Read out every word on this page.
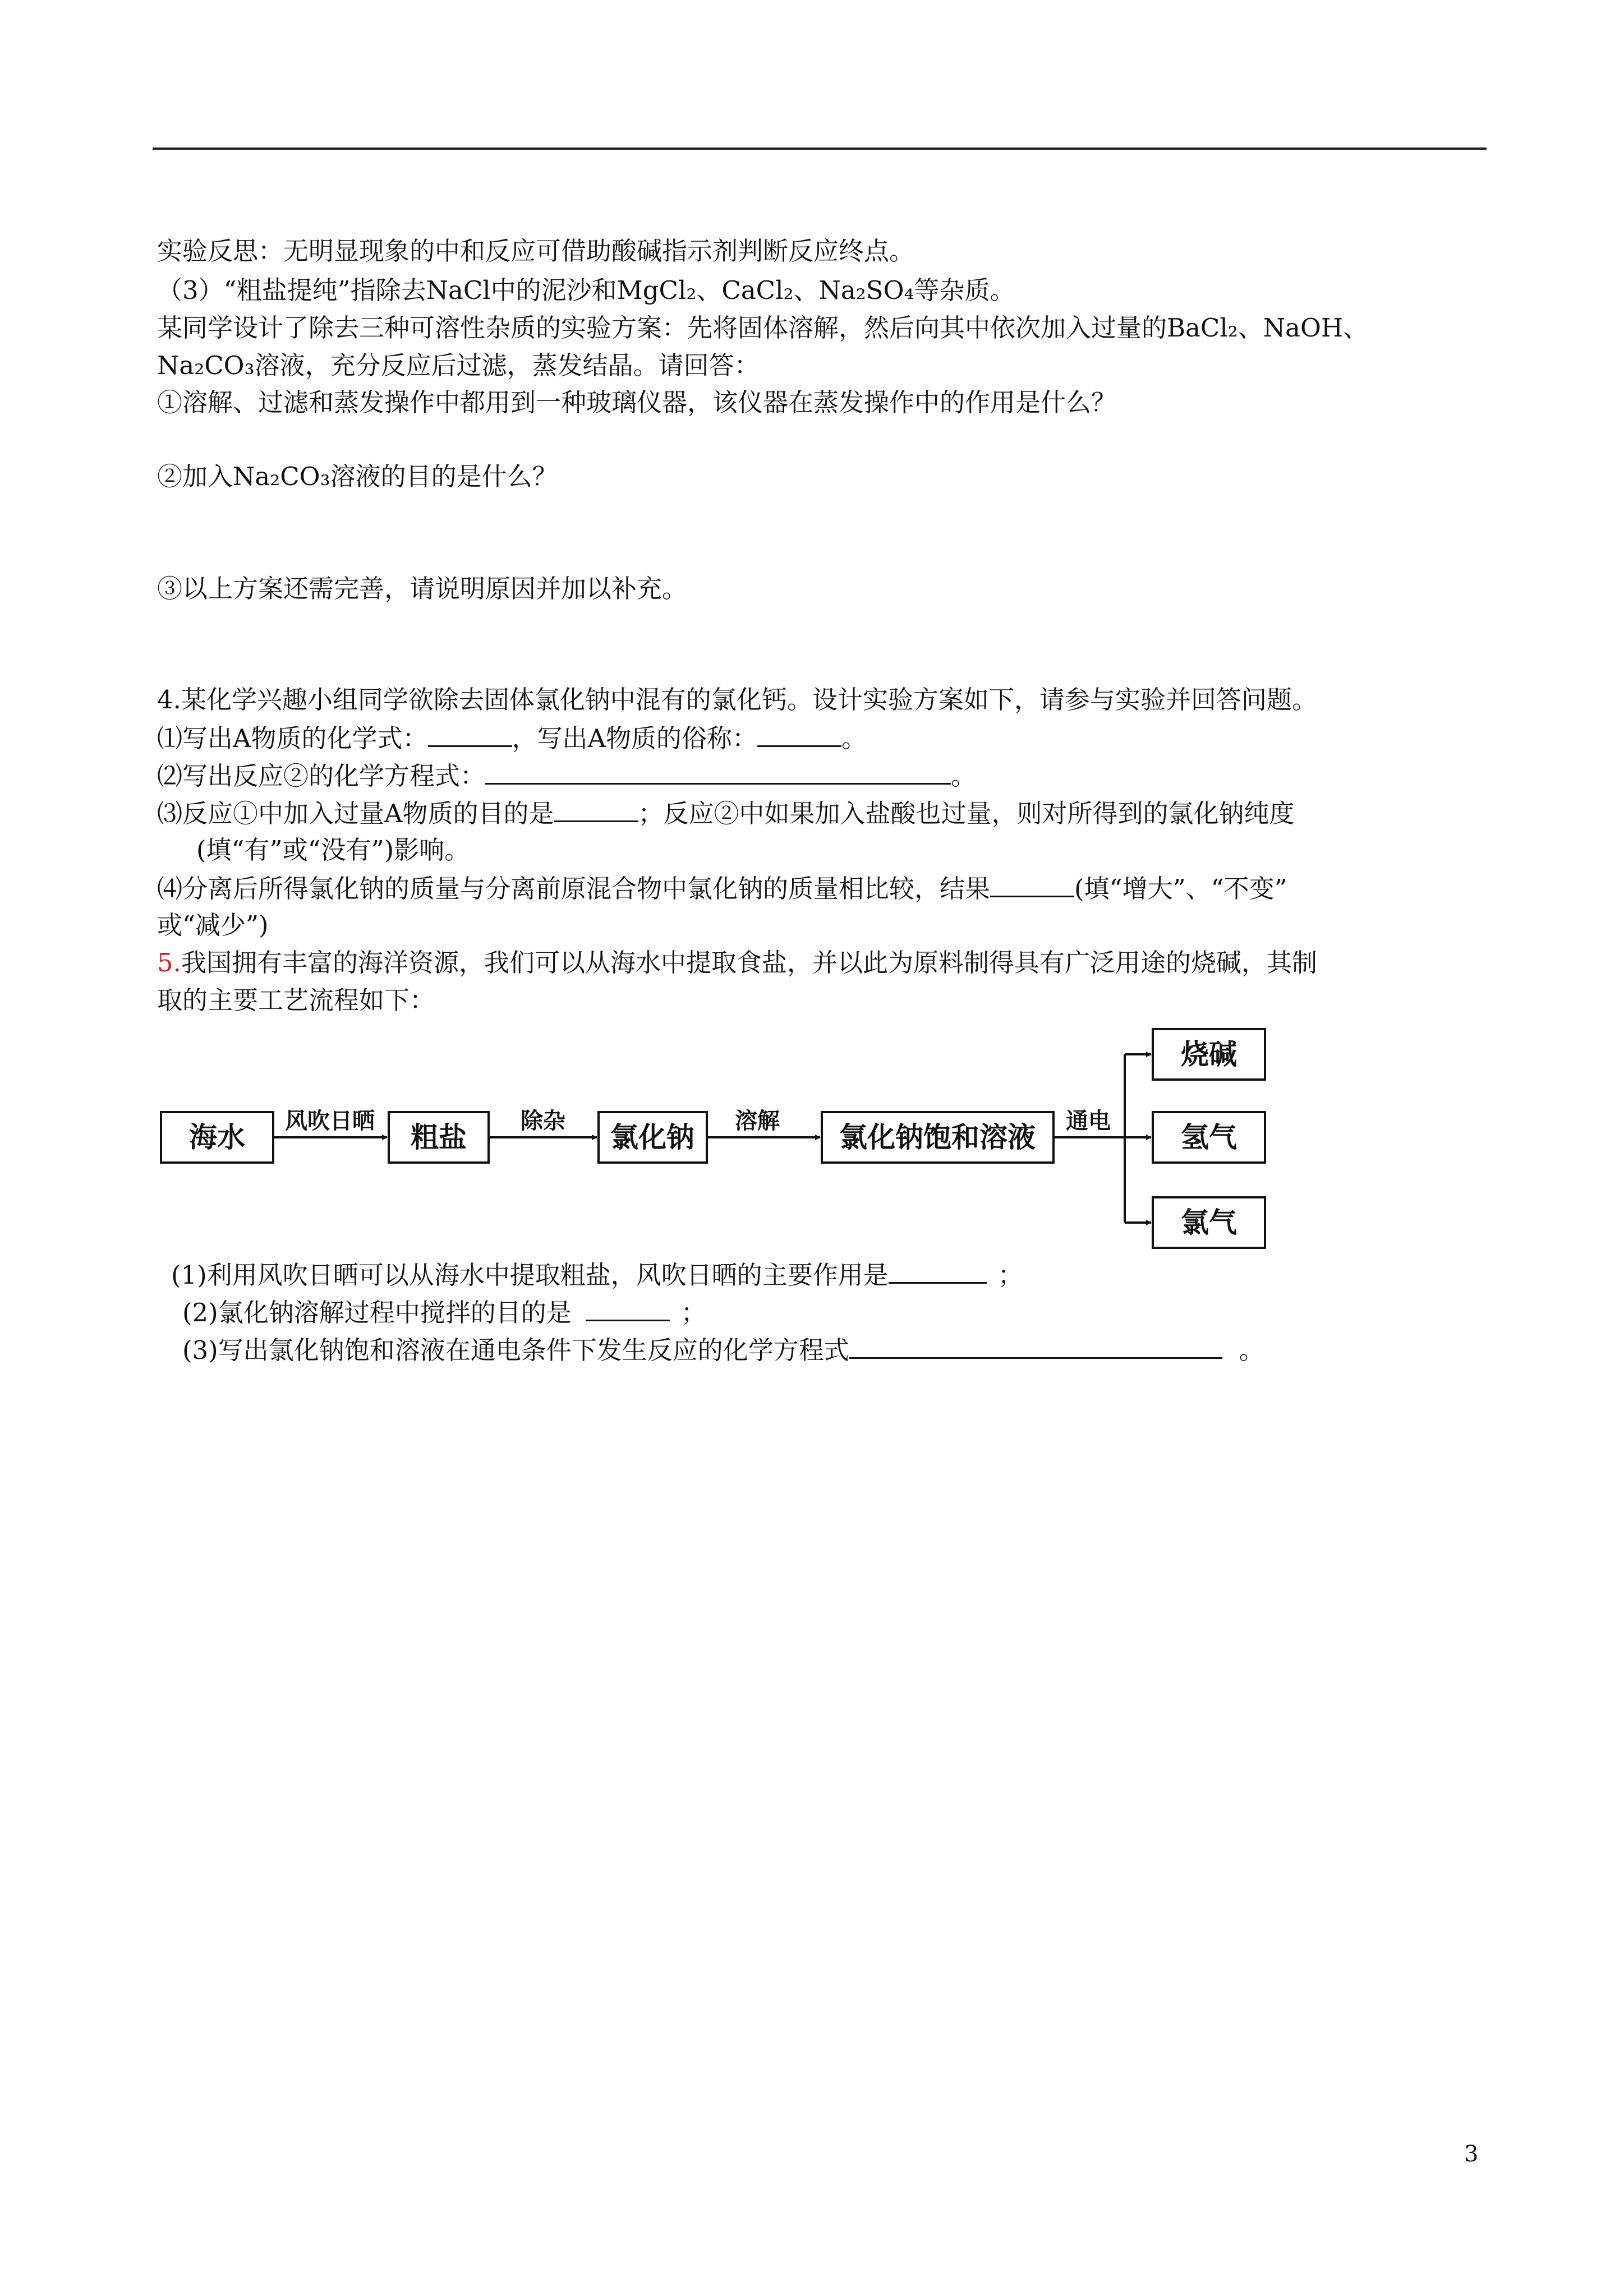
实验反思：无明显现象的中和反应可借助酸碱指示剂判断反应终点。
（3）“粗盐提纯”指除去NaCl中的泥沙和MgCl₂、CaCl₂、Na₂SO₄等杂质。
某同学设计了除去三种可溶性杂质的实验方案：先将固体溶解，然后向其中依次加入过量的BaCl₂、NaOH、
Na₂CO₃溶液，充分反应后过滤，蒸发结晶。请回答：
①溶解、过滤和蒸发操作中都用到一种玻璃仪器，该仪器在蒸发操作中的作用是什么？
②加入Na₂CO₃溶液的目的是什么？
③以上方案还需完善，请说明原因并加以补充。
4.某化学兴趣小组同学欲除去固体氯化钠中混有的氯化钙。设计实验方案如下，请参与实验并回答问题。
⑴写出A物质的化学式：	，写出A物质的俗称：	。
⑵写出反应②的化学方程式：	。
⑶反应①中加入过量A物质的目的是	；反应②中如果加入盐酸也过量，则对所得到的氯化钠纯度
(填“有”或“没有”)影响。
⑷分离后所得氯化钠的质量与分离前原混合物中氯化钠的质量相比较，结果	(填“增大”、“不变”
或“减少”)
5.我国拥有丰富的海洋资源，我们可以从海水中提取食盐，并以此为原料制得具有广泛用途的烧碱，其制
取的主要工艺流程如下：
海水	粗盐	氯化钠	氯化钠饱和溶液
烧碱
氢气
氯气
风吹日晒	除杂	溶解	通电
(1)利用风吹日晒可以从海水中提取粗盐，风吹日晒的主要作用是	；
(2)氯化钠溶解过程中搅拌的目的是	；
(3)写出氯化钠饱和溶液在通电条件下发生反应的化学方程式	。
3
